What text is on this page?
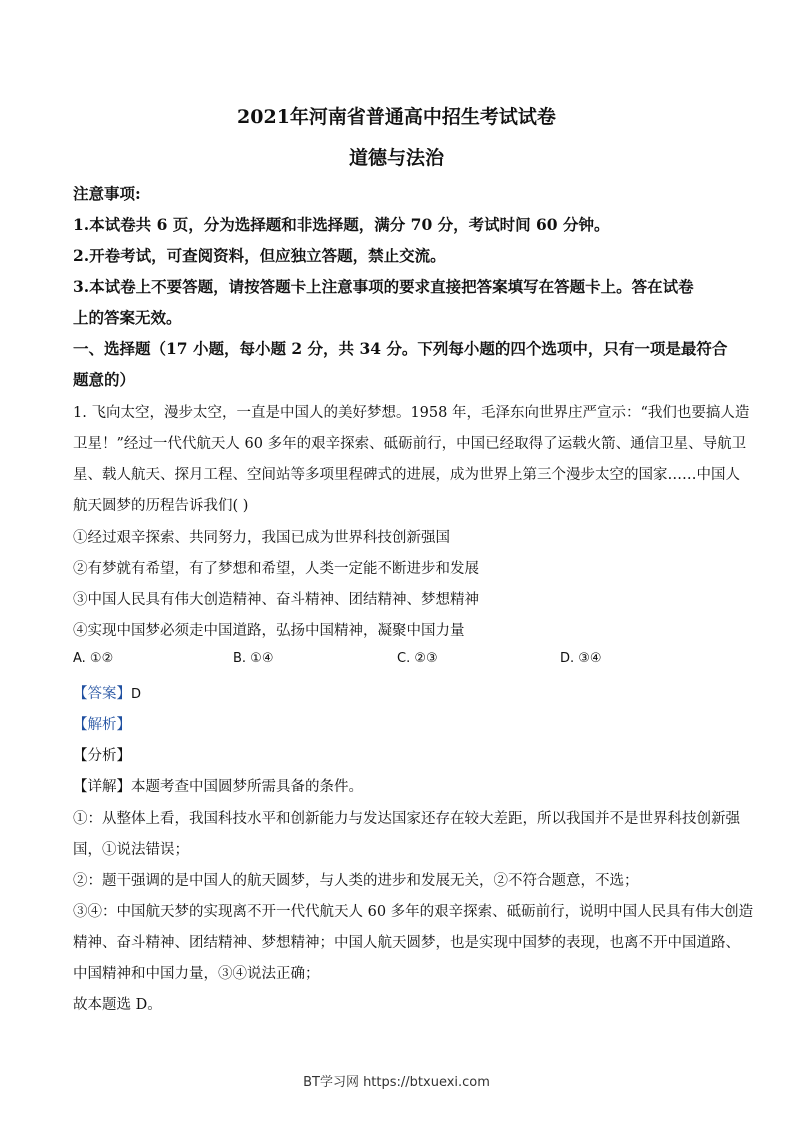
2021年河南省普通高中招生考试试卷
道德与法治
注意事项:
1.本试卷共 6 页，分为选择题和非选择题，满分 70 分，考试时间 60 分钟。
2.开卷考试，可查阅资料，但应独立答题，禁止交流。
3.本试卷上不要答题，请按答题卡上注意事项的要求直接把答案填写在答题卡上。答在试卷
上的答案无效。
一、选择题（17 小题，每小题 2 分，共 34 分。下列每小题的四个选项中，只有一项是最符合
题意的）
1. 飞向太空，漫步太空，一直是中国人的美好梦想。1958 年，毛泽东向世界庄严宣示：“我们也要搞人造
卫星！”经过一代代航天人 60 多年的艰辛探索、砥砺前行，中国已经取得了运载火箭、通信卫星、导航卫
星、载人航天、探月工程、空间站等多项里程碑式的进展，成为世界上第三个漫步太空的国家……中国人
航天圆梦的历程告诉我们( )
①经过艰辛探索、共同努力，我国已成为世界科技创新强国
②有梦就有希望，有了梦想和希望，人类一定能不断进步和发展
③中国人民具有伟大创造精神、奋斗精神、团结精神、梦想精神
④实现中国梦必须走中国道路，弘扬中国精神，凝聚中国力量
A. ①②	B. ①④	C. ②③	D. ③④
【答案】D
【解析】
【分析】
【详解】本题考查中国圆梦所需具备的条件。
①：从整体上看，我国科技水平和创新能力与发达国家还存在较大差距，所以我国并不是世界科技创新强
国，①说法错误；
②：题干强调的是中国人的航天圆梦，与人类的进步和发展无关，②不符合题意，不选；
③④：中国航天梦的实现离不开一代代航天人 60 多年的艰辛探索、砥砺前行，说明中国人民具有伟大创造
精神、奋斗精神、团结精神、梦想精神；中国人航天圆梦，也是实现中国梦的表现，也离不开中国道路、
中国精神和中国力量，③④说法正确；
故本题选 D。
BT学习网 https://btxuexi.com
